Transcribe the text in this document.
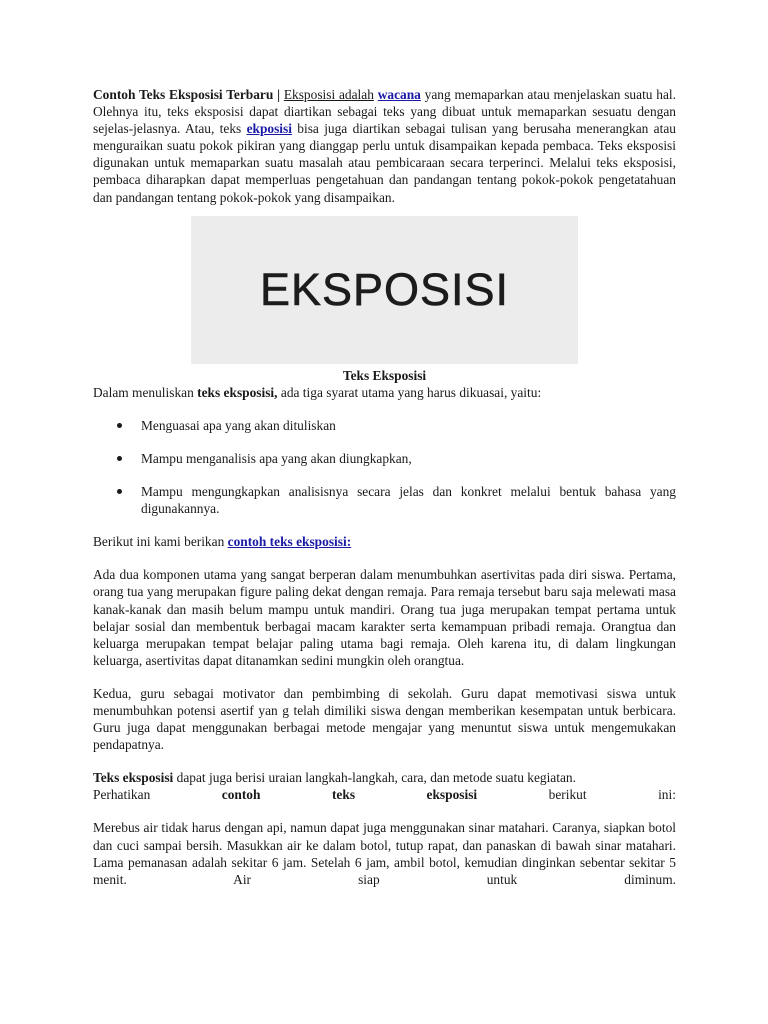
Contoh Teks Eksposisi Terbaru | Eksposisi adalah wacana yang memaparkan atau menjelaskan suatu hal. Olehnya itu, teks eksposisi dapat diartikan sebagai teks yang dibuat untuk memaparkan sesuatu dengan sejelas-jelasnya. Atau, teks ekposisi bisa juga diartikan sebagai tulisan yang berusaha menerangkan atau menguraikan suatu pokok pikiran yang dianggap perlu untuk disampaikan kepada pembaca. Teks eksposisi digunakan untuk memaparkan suatu masalah atau pembicaraan secara terperinci. Melalui teks eksposisi, pembaca diharapkan dapat memperluas pengetahuan dan pandangan tentang pokok-pokok pengetatahuan dan pandangan tentang pokok-pokok yang disampaikan.

EKSPOSISI

Teks Eksposisi

Dalam menuliskan teks eksposisi, ada tiga syarat utama yang harus dikuasai, yaitu:

Menguasai apa yang akan dituliskan
Mampu menganalisis apa yang akan diungkapkan,
Mampu mengungkapkan analisisnya secara jelas dan konkret melalui bentuk bahasa yang digunakannya.

Berikut ini kami berikan contoh teks eksposisi:

Ada dua komponen utama yang sangat berperan dalam menumbuhkan asertivitas pada diri siswa. Pertama, orang tua yang merupakan figure paling dekat dengan remaja. Para remaja tersebut baru saja melewati masa kanak-kanak dan masih belum mampu untuk mandiri. Orang tua juga merupakan tempat pertama untuk belajar sosial dan membentuk berbagai macam karakter serta kemampuan pribadi remaja. Orangtua dan keluarga merupakan tempat belajar paling utama bagi remaja. Oleh karena itu, di dalam lingkungan keluarga, asertivitas dapat ditanamkan sedini mungkin oleh orangtua.

Kedua, guru sebagai motivator dan pembimbing di sekolah. Guru dapat memotivasi siswa untuk menumbuhkan potensi asertif yan g telah dimiliki siswa dengan memberikan kesempatan untuk berbicara. Guru juga dapat menggunakan berbagai metode mengajar yang menuntut siswa untuk mengemukakan pendapatnya.

Teks eksposisi dapat juga berisi uraian langkah-langkah, cara, dan metode suatu kegiatan.

Perhatikan	contoh	teks	eksposisi	berikut	ini:

Merebus air tidak harus dengan api, namun dapat juga menggunakan sinar matahari. Caranya, siapkan botol dan cuci sampai bersih. Masukkan air ke dalam botol, tutup rapat, dan panaskan di bawah sinar matahari. Lama pemanasan adalah sekitar 6 jam. Setelah 6 jam, ambil botol, kemudian dinginkan sebentar sekitar 5 menit. Air siap untuk diminum.
